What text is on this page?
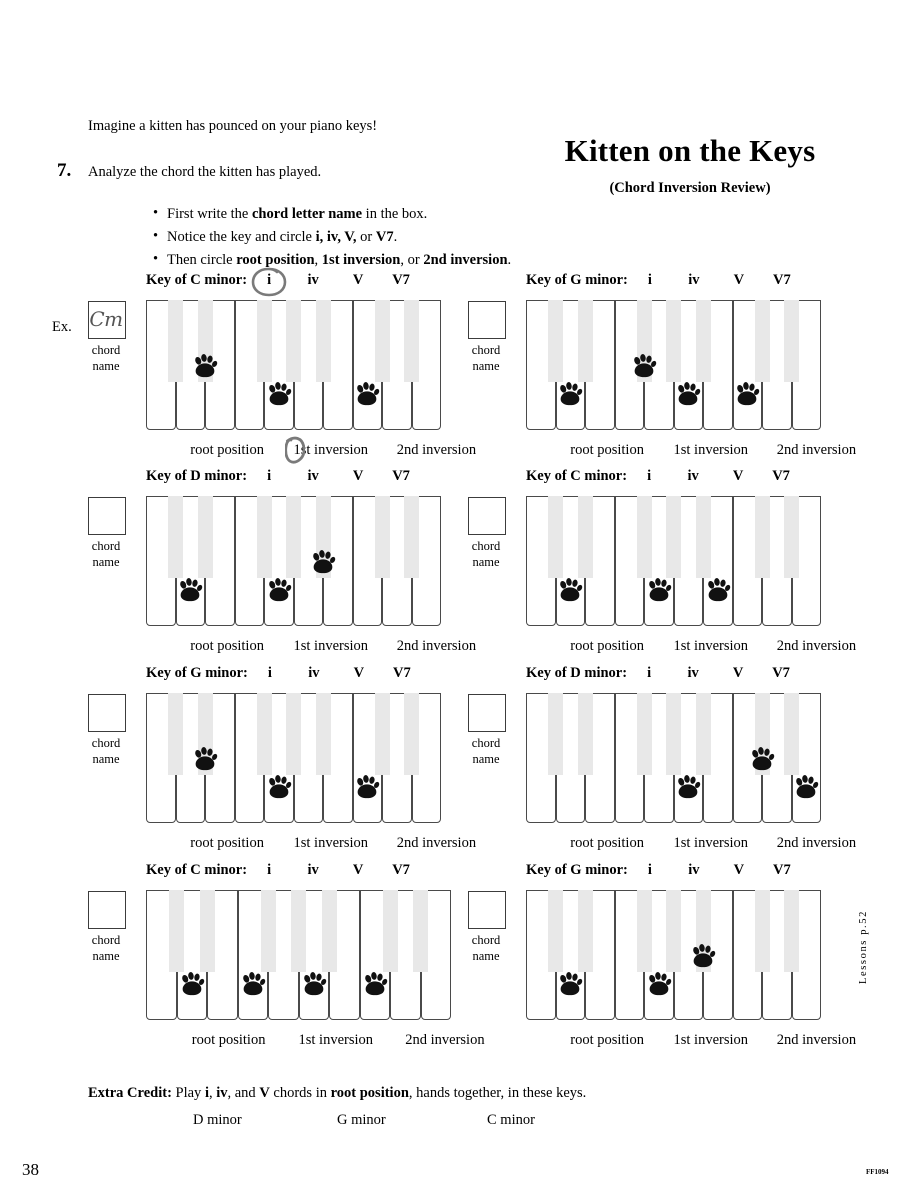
Imagine a kitten has pounced on your piano keys!
7. Analyze the chord the kitten has played.
• First write the chord letter name in the box.
• Notice the key and circle i, iv, V, or V7.
• Then circle root position, 1st inversion, or 2nd inversion.
Kitten on the Keys
(Chord Inversion Review)
Key of C minor: i	iv V V7
Cm
chord
name
Ex.
root position 1st inversion 2nd inversion
Key of G minor: i	iv V V7
chord
name
root position 1st inversion 2nd inversion
Key of D minor: i	iv V V7
chord
name
root position 1st inversion 2nd inversion
Key of C minor: i	iv V V7
chord
name
root position 1st inversion 2nd inversion
Key of G minor: i	iv V V7
chord
name
root position 1st inversion 2nd inversion
Key of D minor: i	iv V V7
chord
name
root position 1st inversion 2nd inversion
Key of C minor: i	iv V V7
chord
name
root position 1st inversion 2nd inversion
Key of G minor: i	iv V V7
chord
name
root position 1st inversion 2nd inversion
Extra Credit: Play i, iv, and V chords in root position, hands together, in these keys.
D minor	G minor	C minor
38	FF1094
Lessons p.52
